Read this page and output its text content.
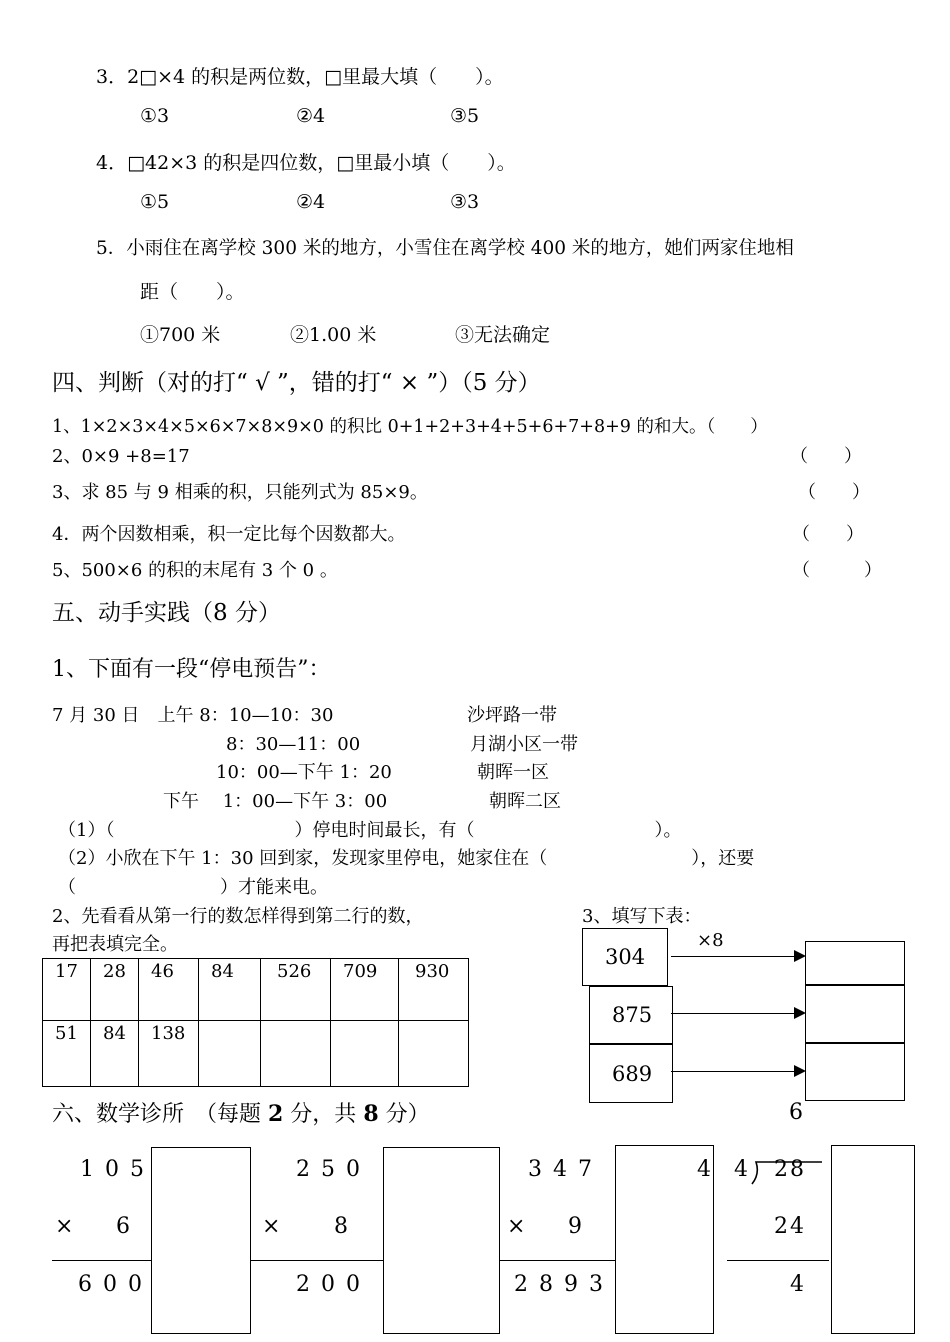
3．2□×4 的积是两位数，□里最大填（　　）。
①3	②4	③5
4．□42×3 的积是四位数，□里最小填（　　）。
①5	②4	③3
5．小雨住在离学校 300 米的地方，小雪住在离学校 400 米的地方，她们两家住地相
距（　　）。
①700 米	②1.00 米	③无法确定
四、判断（对的打“ √ ”，错的打“ × ”）（5 分）
1、1×2×3×4×5×6×7×8×9×0 的积比 0+1+2+3+4+5+6+7+8+9 的和大。（　　）
2、0×9 +8=17	（　　）
3、求 85 与 9 相乘的积，只能列式为 85×9。	（　　）
4．两个因数相乘，积一定比每个因数都大。	（　　）
5、500×6 的积的末尾有 3 个 0 。	（　　　）
五、动手实践（8 分）
1、下面有一段“停电预告”：
7 月 30 日　上午 8：10—10：30	沙坪路一带
8：30—11：00	月湖小区一带
10：00—下午 1：20	朝晖一区
下午　 1：00—下午 3：00	朝晖二区
（1）（　　　　　　　　　　）停电时间最长，有（　　　　　　　　　　）。
（2）小欣在下午 1：30 回到家，发现家里停电，她家住在（　　　　　　　　），还要
（　　　　　　　　）才能来电。
2、先看看从第一行的数怎样得到第二行的数，
再把表填完全。
17	28	46	84	526	709	930
51	84	138				
3、填写下表：
×8
304
875
689
六、数学诊所　（每题 2 分，共 8 分）
1 0 5
× 6
6 0 0
2 5 0
× 8
2 0 0
3 4 7
× 9
2 8 9 3
6
4 4 28
24
4
